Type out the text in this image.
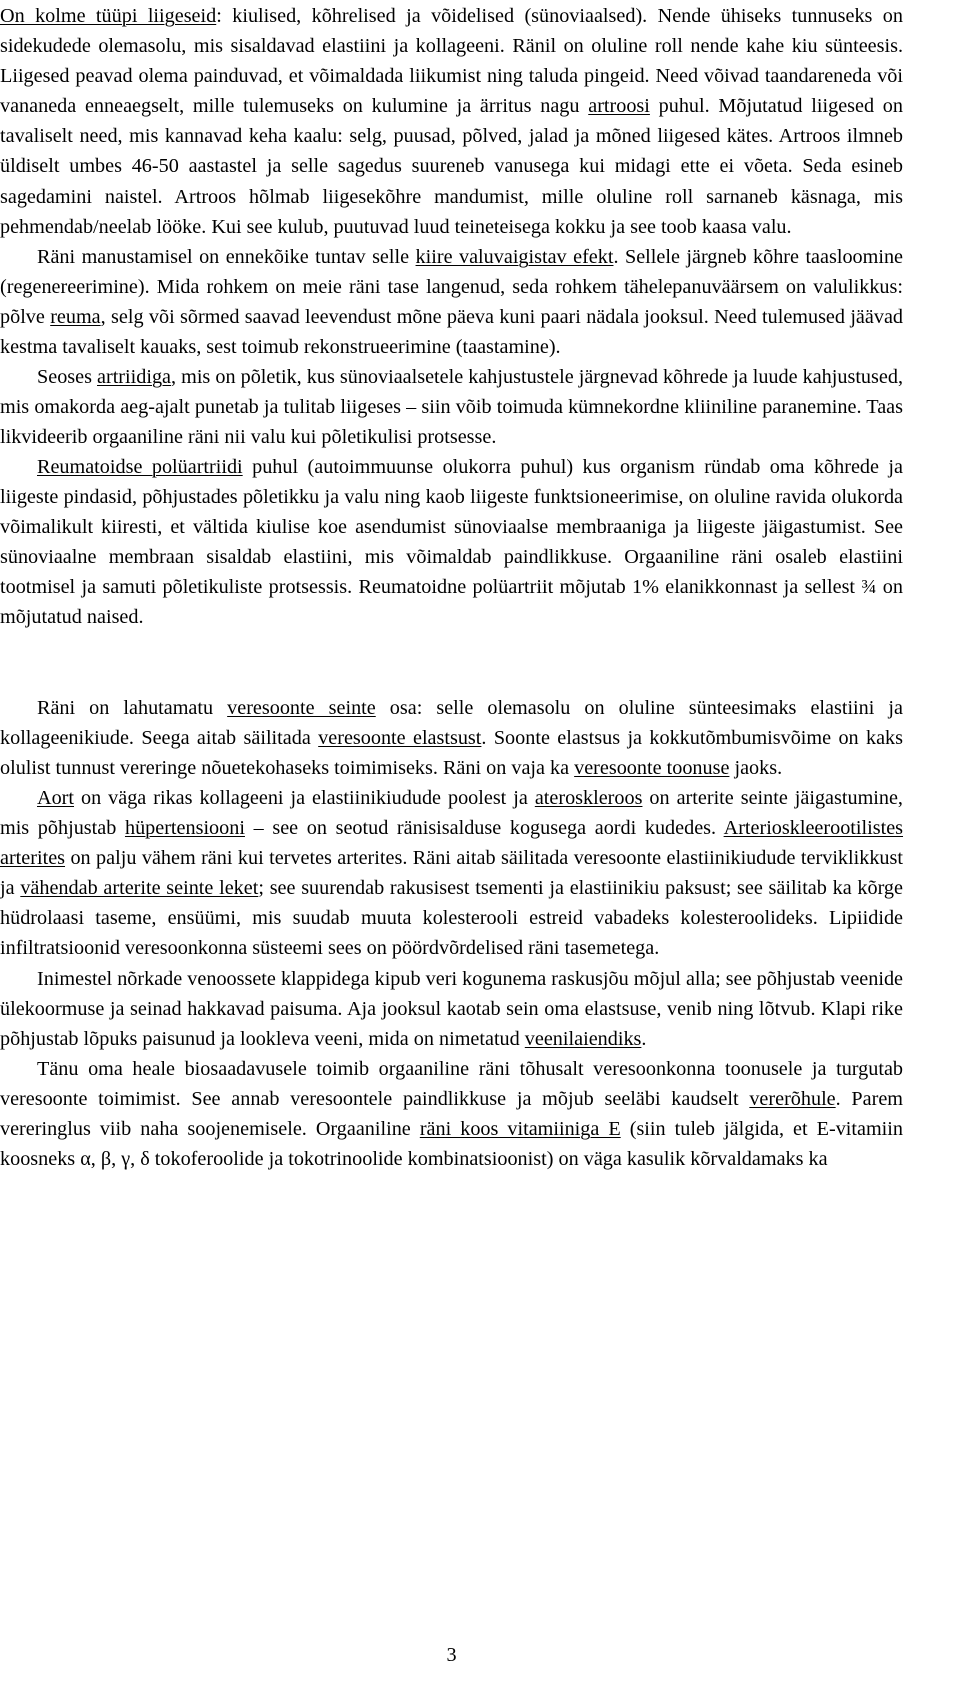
On kolme tüüpi liigeseid: kiulised, kõhrelised ja võidelised (sünoviaalsed). Nende ühiseks tunnuseks on sidekudede olemasolu, mis sisaldavad elastiini ja kollageeni. Ränil on oluline roll nende kahe kiu sünteesis. Liigesed peavad olema painduvad, et võimaldada liikumist ning taluda pingeid. Need võivad taandareneda või vananeda enneaegselt, mille tulemuseks on kulumine ja ärritus nagu artroosi puhul. Mõjutatud liigesed on tavaliselt need, mis kannavad keha kaalu: selg, puusad, põlved, jalad ja mõned liigesed kätes. Artroos ilmneb üldiselt umbes 46-50 aastastel ja selle sagedus suureneb vanusega kui midagi ette ei võeta. Seda esineb sagedamini naistel. Artroos hõlmab liigesekõhre mandumist, mille oluline roll sarnaneb käsnaga, mis pehmendab/neelab lööke. Kui see kulub, puutuvad luud teineteisega kokku ja see toob kaasa valu.

Räni manustamisel on ennekõike tuntav selle kiire valuvaigistav efekt. Sellele järgneb kõhre taasloomine (regenereerimine). Mida rohkem on meie räni tase langenud, seda rohkem tähelepanuväärsem on valulikkus: põlve reuma, selg või sõrmed saavad leevendust mõne päeva kuni paari nädala jooksul. Need tulemused jäävad kestma tavaliselt kauaks, sest toimub rekonstrueerimine (taastamine).

Seoses artriidiga, mis on põletik, kus sünoviaalsetele kahjustustele järgnevad kõhrede ja luude kahjustused, mis omakorda aeg-ajalt punetab ja tulitab liigeses – siin võib toimuda kümnekordne kliiniline paranemine. Taas likvideerib orgaaniline räni nii valu kui põletikulisi protsesse.

Reumatoidse polüartriidi puhul (autoimmuunse olukorra puhul) kus organism ründab oma kõhrede ja liigeste pindasid, põhjustades põletikku ja valu ning kaob liigeste funktsioneerimise, on oluline ravida olukorda võimalikult kiiresti, et vältida kiulise koe asendumist sünoviaalse membraaniga ja liigeste jäigastumist. See sünoviaalne membraan sisaldab elastiini, mis võimaldab paindlikkuse. Orgaaniline räni osaleb elastiini tootmisel ja samuti põletikuliste protsessis. Reumatoidne polüartriit mõjutab 1% elanikkonnast ja sellest ¾ on mõjutatud naised.

Räni on lahutamatu veresoonte seinte osa: selle olemasolu on oluline sünteesimaks elastiini ja kollageenikiude. Seega aitab säilitada veresoonte elastsust. Soonte elastsus ja kokkutõmbumisvõime on kaks olulist tunnust vereringe nõuetekohaseks toimimiseks. Räni on vaja ka veresoonte toonuse jaoks.

Aort on väga rikas kollageeni ja elastiinikiudude poolest ja ateroskleroos on arterite seinte jäigastumine, mis põhjustab hüpertensiooni – see on seotud ränisisalduse kogusega aordi kudedes. Arterioskleerootilistes arterites on palju vähem räni kui tervetes arterites. Räni aitab säilitada veresoonte elastiinikiudude terviklikkust ja vähendab arterite seinte leket; see suurendab rakusisest tsementi ja elastiinikiu paksust; see säilitab ka kõrge hüdrolaasi taseme, ensüümi, mis suudab muuta kolesterooli estreid vabadeks kolesteroolideks. Lipiidide infiltratsioonid veresoonkonna süsteemi sees on pöördvõrdelised räni tasemetega.

Inimestel nõrkade venoossete klappidega kipub veri kogunema raskusjõu mõjul alla; see põhjustab veenide ülekoormuse ja seinad hakkavad paisuma. Aja jooksul kaotab sein oma elastsuse, venib ning lõtvub. Klapi rike põhjustab lõpuks paisunud ja lookleva veeni, mida on nimetatud veenilaiendiks.

Tänu oma heale biosaadavusele toimib orgaaniline räni tõhusalt veresoonkonna toonusele ja turgutab veresoonte toimimist. See annab veresoontele paindlikkuse ja mõjub seeläbi kaudselt vererõhule. Parem vereringlus viib naha soojenemisele. Orgaaniline räni koos vitamiiniga E (siin tuleb jälgida, et E-vitamiin koosneks α, β, γ, δ tokoferoolide ja tokotrinoolide kombinatsioonist) on väga kasulik kõrvaldamaks ka

3
